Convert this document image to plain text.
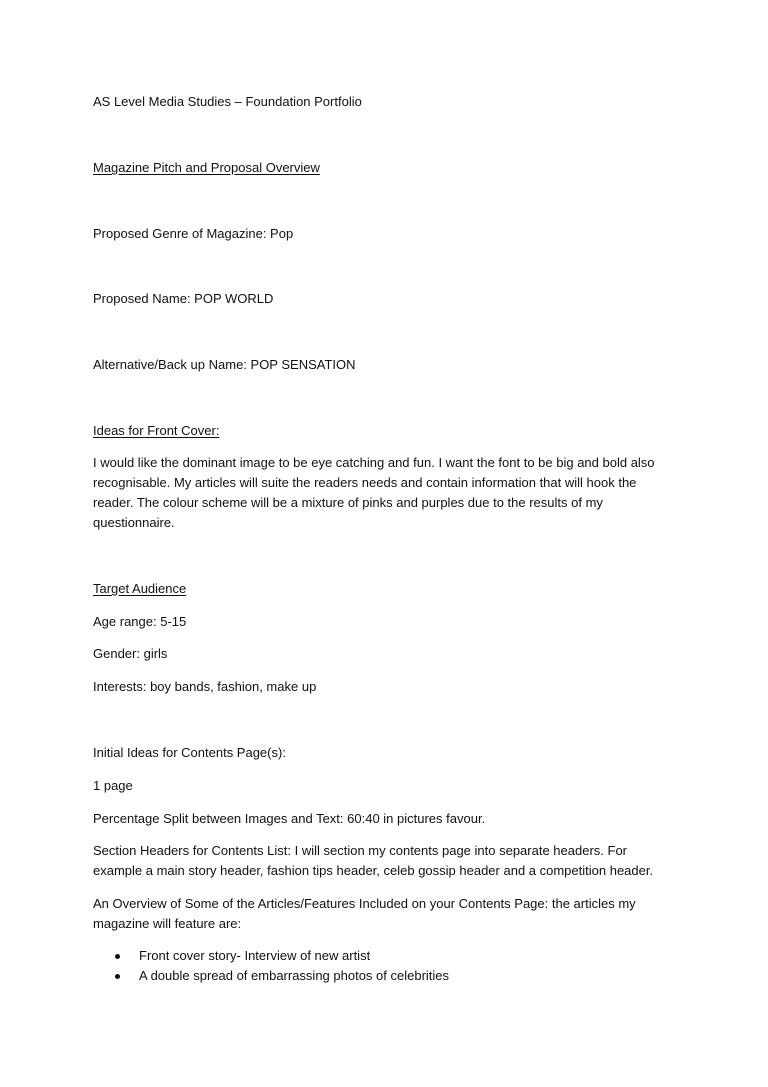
AS Level Media Studies – Foundation Portfolio
Magazine Pitch and Proposal Overview
Proposed Genre of Magazine: Pop
Proposed Name: POP WORLD
Alternative/Back up Name: POP SENSATION
Ideas for Front Cover:
I would like the dominant image to be eye catching and fun. I want the font to be big and bold also
recognisable. My articles will suite the readers needs and contain information that will hook the
reader. The colour scheme will be a mixture of pinks and purples due to the results of my
questionnaire.
Target Audience
Age range: 5-15
Gender: girls
Interests: boy bands, fashion, make up
Initial Ideas for Contents Page(s):
1 page
Percentage Split between Images and Text: 60:40 in pictures favour.
Section Headers for Contents List: I will section my contents page into separate headers. For
example a main story header, fashion tips header, celeb gossip header and a competition header.
An Overview of Some of the Articles/Features Included on your Contents Page: the articles my
magazine will feature are:
Front cover story- Interview of new artist
A double spread of embarrassing photos of celebrities
